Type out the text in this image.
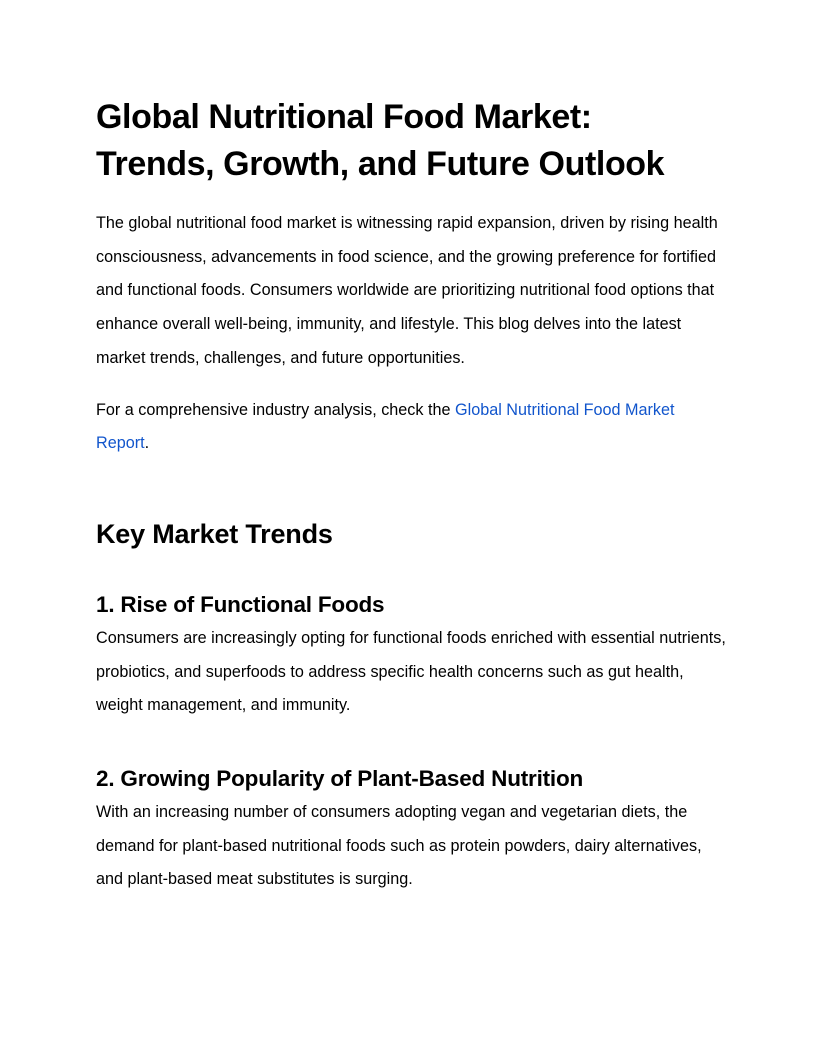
Global Nutritional Food Market:
Trends, Growth, and Future Outlook

The global nutritional food market is witnessing rapid expansion, driven by rising health consciousness, advancements in food science, and the growing preference for fortified and functional foods. Consumers worldwide are prioritizing nutritional food options that enhance overall well-being, immunity, and lifestyle. This blog delves into the latest market trends, challenges, and future opportunities.

For a comprehensive industry analysis, check the Global Nutritional Food Market Report.

Key Market Trends
1. Rise of Functional Foods

Consumers are increasingly opting for functional foods enriched with essential nutrients, probiotics, and superfoods to address specific health concerns such as gut health, weight management, and immunity.

2. Growing Popularity of Plant-Based Nutrition

With an increasing number of consumers adopting vegan and vegetarian diets, the demand for plant-based nutritional foods such as protein powders, dairy alternatives, and plant-based meat substitutes is surging.
